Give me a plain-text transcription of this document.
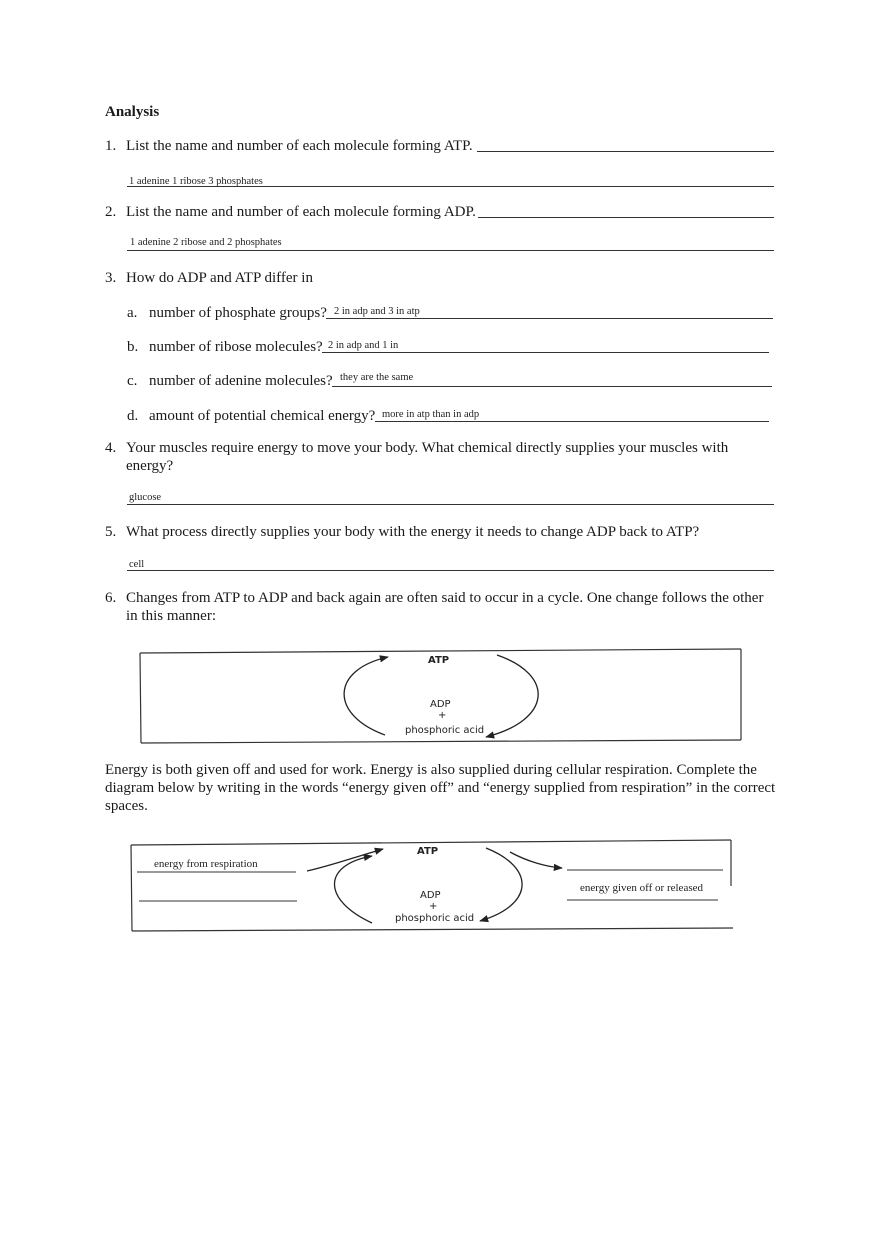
Analysis
1. List the name and number of each molecule forming ATP.
1 adenine 1 ribose 3 phosphates
2. List the name and number of each molecule forming ADP.
1 adenine 2 ribose and 2 phosphates
3. How do ADP and ATP differ in
a. number of phosphate groups? 2 in adp and 3 in atp
b. number of ribose molecules? 2 in adp and 1 in
c. number of adenine molecules? they are the same
d. amount of potential chemical energy? more in atp than in adp
4. Your muscles require energy to move your body. What chemical directly supplies your muscles with energy?
glucose
5. What process directly supplies your body with the energy it needs to change ADP back to ATP?
cell
6. Changes from ATP to ADP and back again are often said to occur in a cycle. One change follows the other in this manner:
ATP
ADP
+
phosphoric acid
Energy is both given off and used for work. Energy is also supplied during cellular respiration. Complete the diagram below by writing in the words “energy given off” and “energy supplied from respiration” in the correct spaces.
ATP
ADP
+
phosphoric acid
energy from respiration
energy given off or released
